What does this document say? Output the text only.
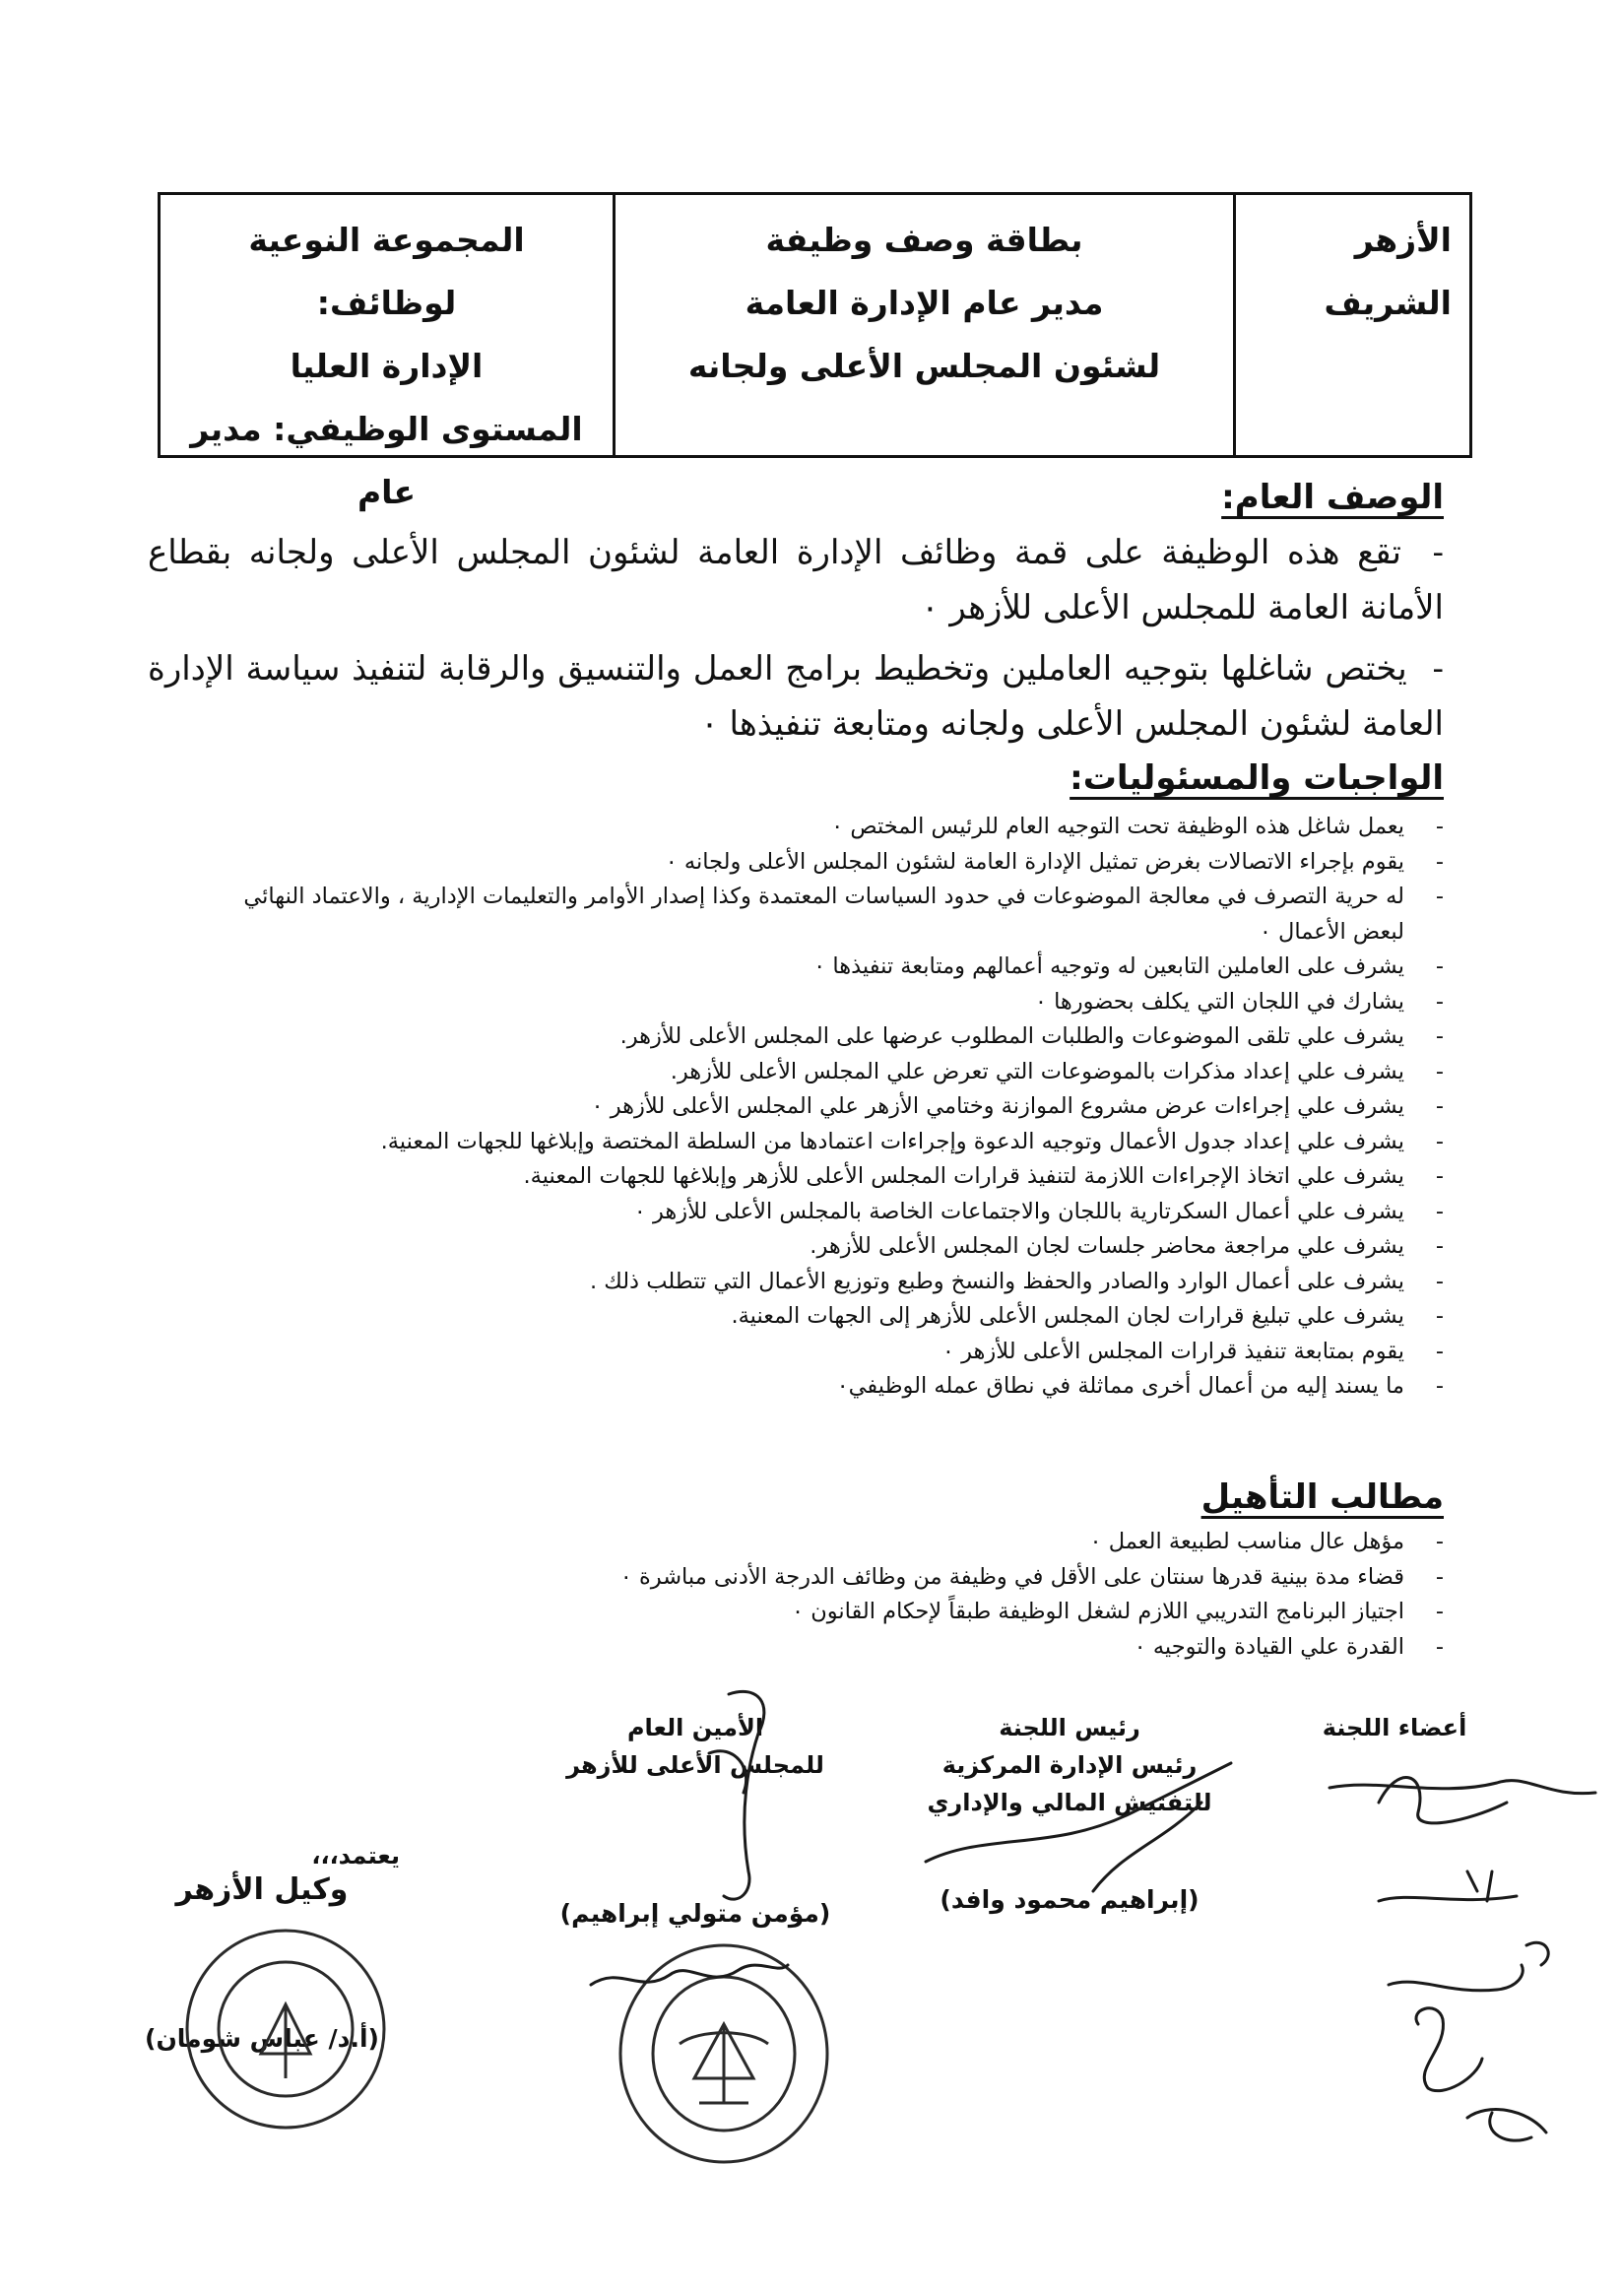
الأزهر الشريف
بطاقة وصف وظيفة
مدير عام الإدارة العامة
لشئون المجلس الأعلى ولجانه
المجموعة النوعية لوظائف:
الإدارة العليا
المستوى الوظيفي: مدير عام	الوصف العام:

- تقع هذه الوظيفة على قمة وظائف الإدارة العامة لشئون المجلس الأعلى ولجانه بقطاع الأمانة العامة للمجلس الأعلى للأزهر ٠

- يختص شاغلها بتوجيه العاملين وتخطيط برامج العمل والتنسيق والرقابة لتنفيذ سياسة الإدارة العامة لشئون المجلس الأعلى ولجانه ومتابعة تنفيذها ٠

الواجبات والمسئوليات:
-
يعمل شاغل هذه الوظيفة تحت التوجيه العام للرئيس المختص ٠
-
يقوم بإجراء الاتصالات بغرض تمثيل الإدارة العامة لشئون المجلس الأعلى ولجانه ٠
-
له حرية التصرف في معالجة الموضوعات في حدود السياسات المعتمدة وكذا إصدار الأوامر والتعليمات الإدارية ، والاعتماد النهائي لبعض الأعمال ٠
-
يشرف على العاملين التابعين له وتوجيه أعمالهم ومتابعة تنفيذها ٠
-
يشارك في اللجان التي يكلف بحضورها ٠
-
يشرف علي تلقى الموضوعات والطلبات المطلوب عرضها على المجلس الأعلى للأزهر.
-
يشرف علي إعداد مذكرات بالموضوعات التي تعرض علي المجلس الأعلى للأزهر.
-
يشرف علي إجراءات عرض مشروع الموازنة وختامي الأزهر علي المجلس الأعلى للأزهر ٠
-
يشرف علي إعداد جدول الأعمال وتوجيه الدعوة وإجراءات اعتمادها من السلطة المختصة وإبلاغها للجهات المعنية.
-
يشرف علي اتخاذ الإجراءات اللازمة لتنفيذ قرارات المجلس الأعلى للأزهر وإبلاغها للجهات المعنية.
-
يشرف علي أعمال السكرتارية باللجان والاجتماعات الخاصة بالمجلس الأعلى للأزهر ٠
-
يشرف علي مراجعة محاضر جلسات لجان المجلس الأعلى للأزهر.
-
يشرف على أعمال الوارد والصادر والحفظ والنسخ وطبع وتوزيع الأعمال التي تتطلب ذلك .
-
يشرف علي تبليغ قرارات لجان المجلس الأعلى للأزهر إلى الجهات المعنية.
-
يقوم بمتابعة تنفيذ قرارات المجلس الأعلى للأزهر ٠
-
ما يسند إليه من أعمال أخرى مماثلة في نطاق عمله الوظيفي٠
مطالب التأهيل
-
مؤهل عال مناسب لطبيعة العمل ٠
-
قضاء مدة بينية قدرها سنتان على الأقل في وظيفة من وظائف الدرجة الأدنى مباشرة ٠
-
اجتياز البرنامج التدريبي اللازم لشغل الوظيفة طبقاً لإحكام القانون ٠
-
القدرة علي القيادة والتوجيه ٠
أعضاء اللجنة
رئيس اللجنة
رئيس الإدارة المركزية
للتفتيش المالي والإداري
(إبراهيم محمود وافد)
الأمين العام
للمجلس الأعلى للأزهر
(مؤمن متولي إبراهيم)
يعتمد،،،
وكيل الأزهر
(أ.د/ عباس شومان)
